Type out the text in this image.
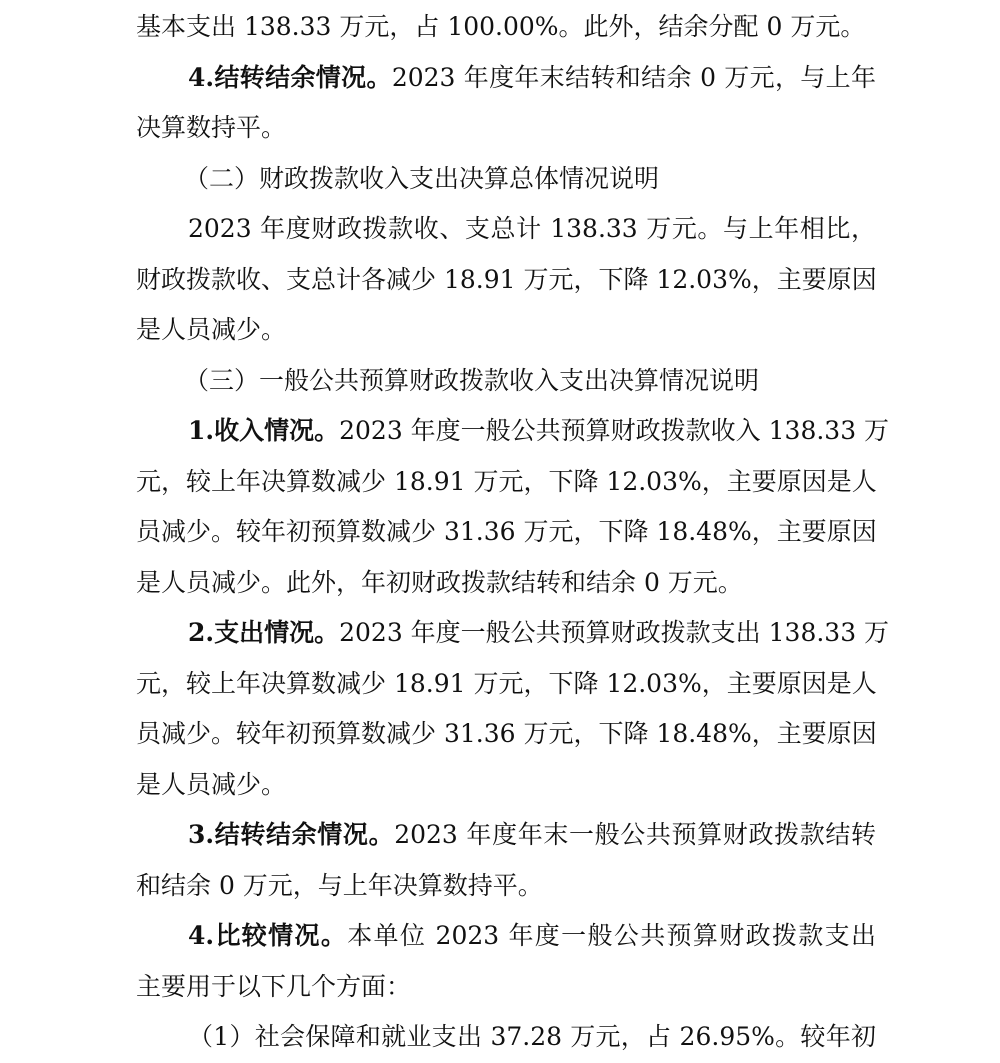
基本支出 138.33 万元，占 100.00%。此外，结余分配 0 万元。
4.结转结余情况。2023 年度年末结转和结余 0 万元，与上年
决算数持平。
（二）财政拨款收入支出决算总体情况说明
2023 年度财政拨款收、支总计 138.33 万元。与上年相比，
财政拨款收、支总计各减少 18.91 万元，下降 12.03%，主要原因
是人员减少。
（三）一般公共预算财政拨款收入支出决算情况说明
1.收入情况。2023 年度一般公共预算财政拨款收入 138.33 万
元，较上年决算数减少 18.91 万元，下降 12.03%，主要原因是人
员减少。较年初预算数减少 31.36 万元，下降 18.48%，主要原因
是人员减少。此外，年初财政拨款结转和结余 0 万元。
2.支出情况。2023 年度一般公共预算财政拨款支出 138.33 万
元，较上年决算数减少 18.91 万元，下降 12.03%，主要原因是人
员减少。较年初预算数减少 31.36 万元，下降 18.48%，主要原因
是人员减少。
3.结转结余情况。2023 年度年末一般公共预算财政拨款结转
和结余 0 万元，与上年决算数持平。
4.比较情况。本单位 2023 年度一般公共预算财政拨款支出
主要用于以下几个方面：
（1）社会保障和就业支出 37.28 万元，占 26.95%。较年初
